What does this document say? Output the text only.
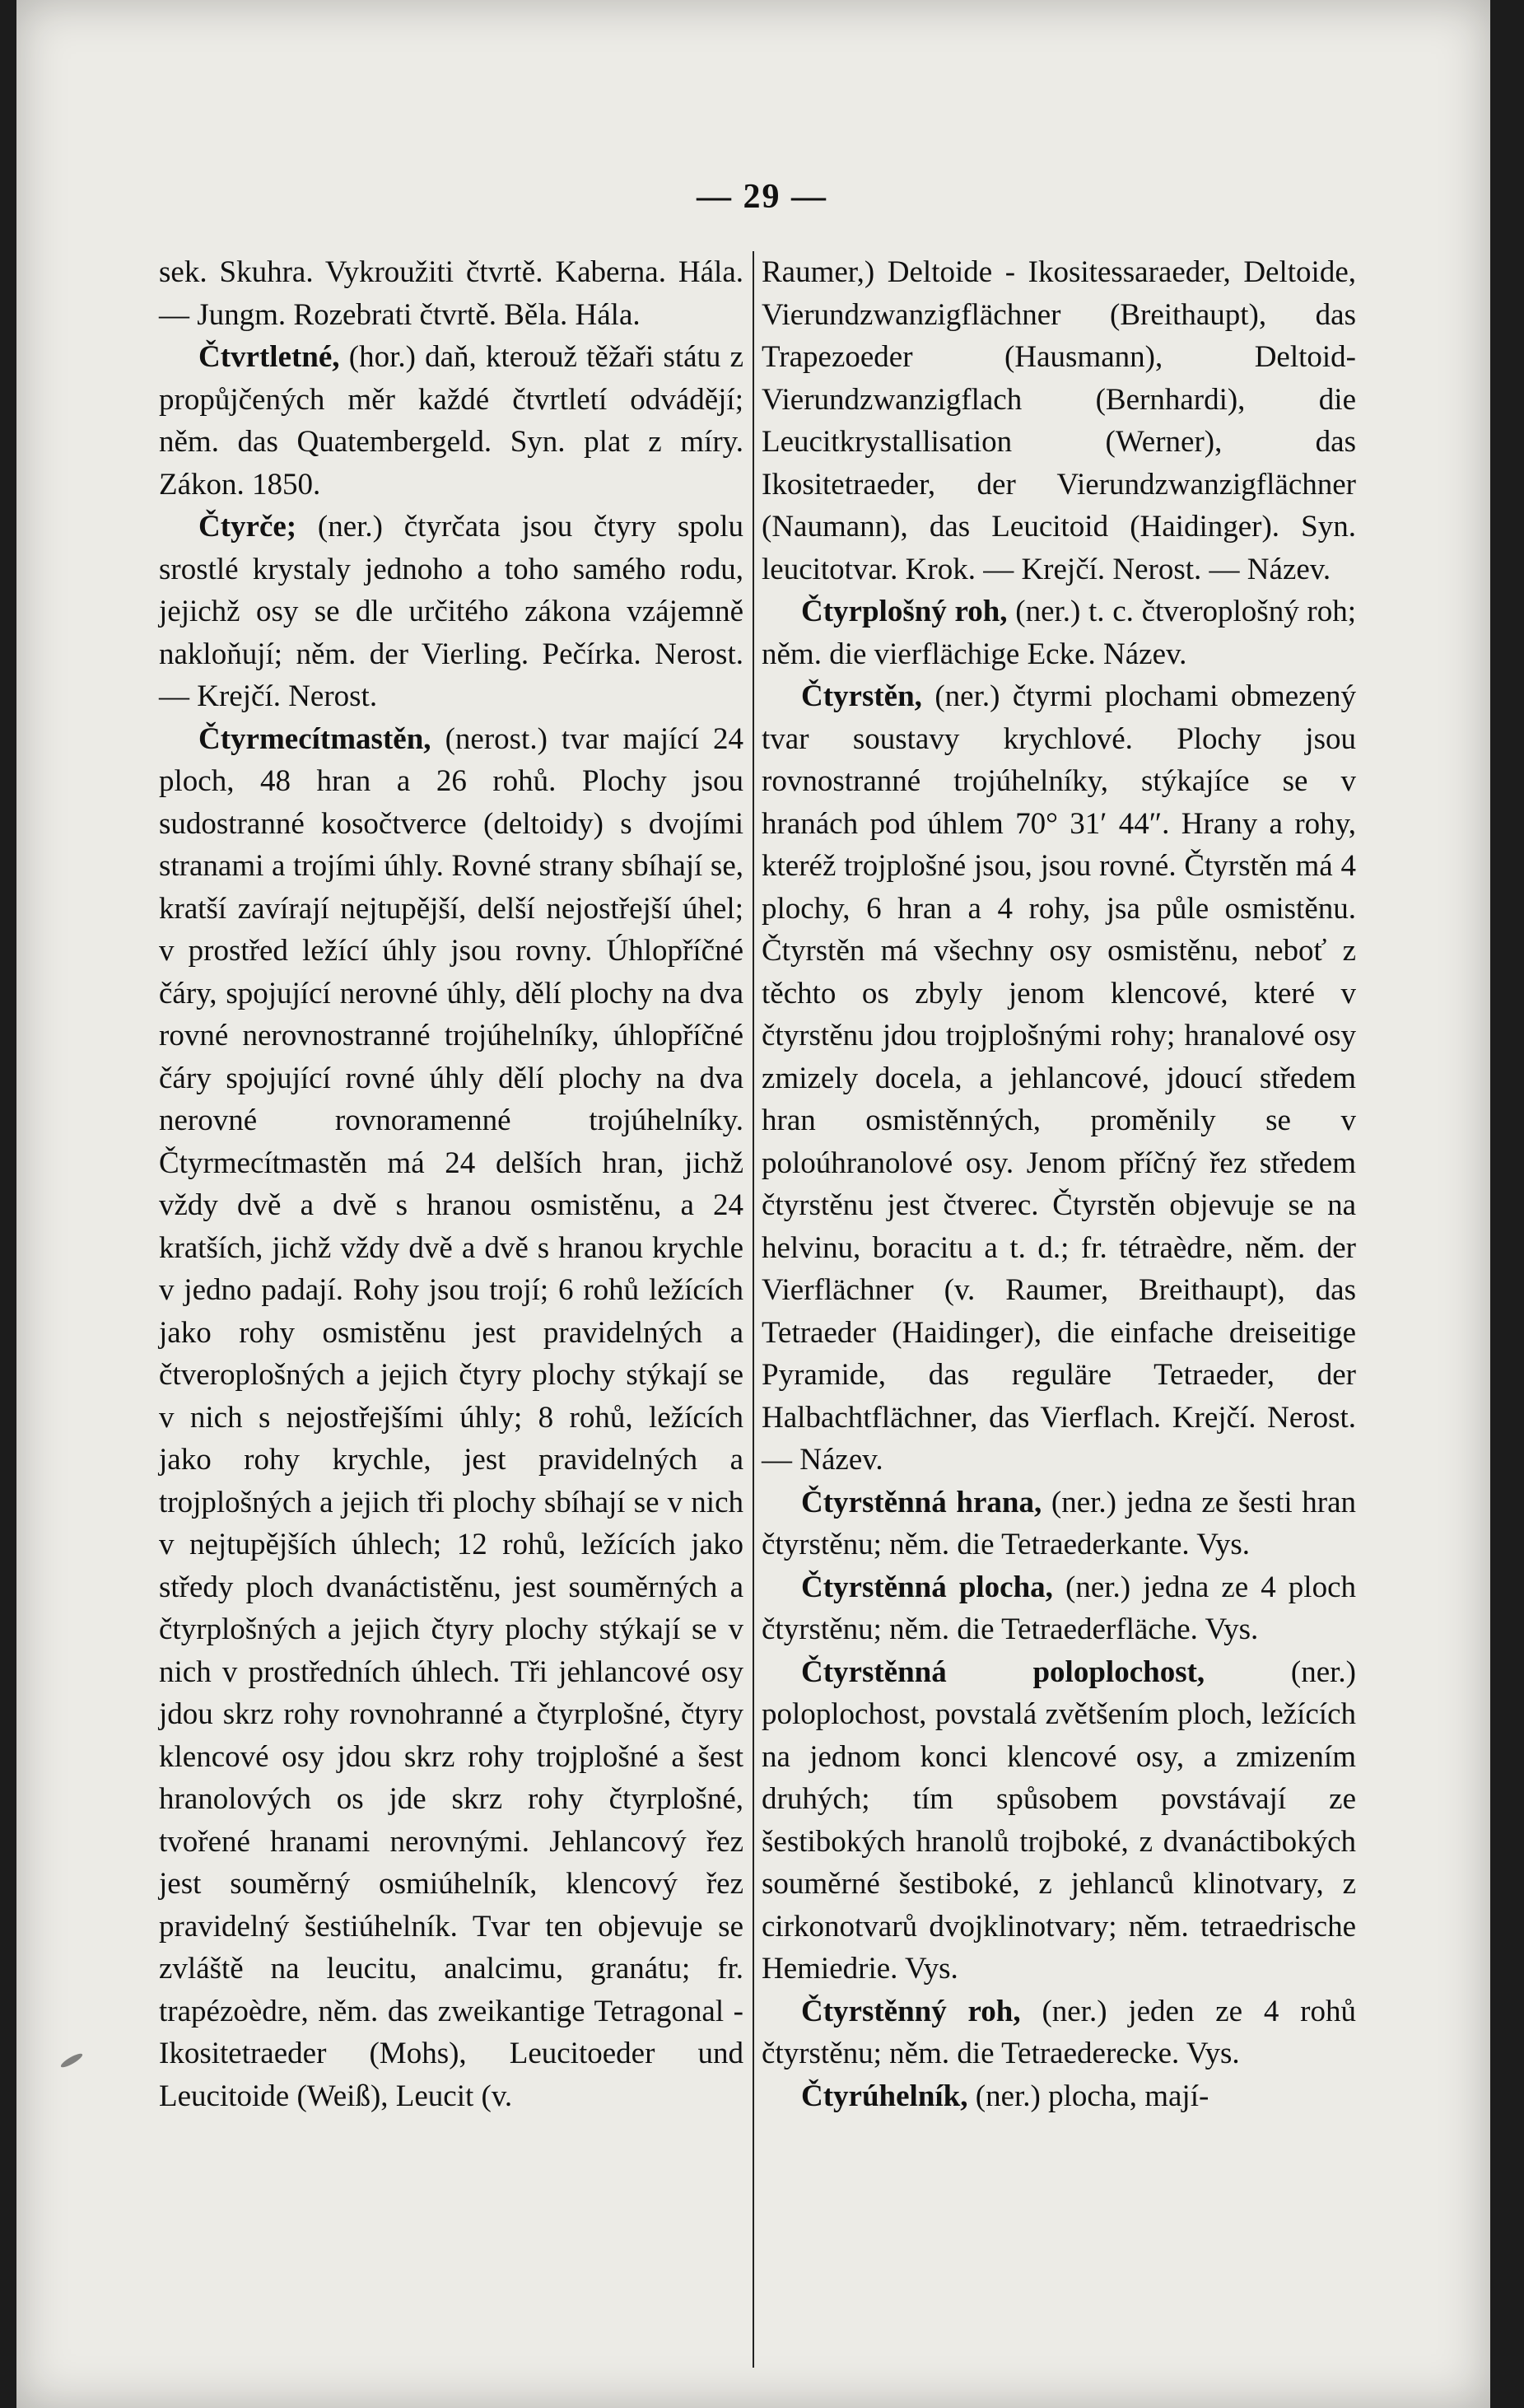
— 29 —

sek. Skuhra. Vykroužiti čtvrtě. Kaberna. Hála. — Jungm. Rozebrati čtvrtě. Běla. Hála.

Čtvrtletné, (hor.) daň, kterouž těžaři státu z propůjčených měr každé čtvrtletí odvádějí; něm. das Quatembergeld. Syn. plat z míry. Zákon. 1850.

Čtyrče; (ner.) čtyrčata jsou čtyry spolu srostlé krystaly jednoho a toho samého rodu, jejichž osy se dle určitého zákona vzájemně nakloňují; něm. der Vierling. Pečírka. Nerost. — Krejčí. Nerost.

Čtyrmecítmastěn, (nerost.) tvar mající 24 ploch, 48 hran a 26 rohů. Plochy jsou sudostranné kosočtverce (deltoidy) s dvojími stranami a trojími úhly. Rovné strany sbíhají se, kratší zavírají nejtupější, delší nejostřejší úhel; v prostřed ležící úhly jsou rovny. Úhlopříčné čáry, spojující nerovné úhly, dělí plochy na dva rovné nerovnostranné trojúhelníky, úhlopříčné čáry spojující rovné úhly dělí plochy na dva nerovné rovnoramenné trojúhelníky. Čtyrmecítmastěn má 24 delších hran, jichž vždy dvě a dvě s hranou osmistěnu, a 24 kratších, jichž vždy dvě a dvě s hranou krychle v jedno padají. Rohy jsou trojí; 6 rohů ležících jako rohy osmistěnu jest pravidelných a čtveroplošných a jejich čtyry plochy stýkají se v nich s nejostřejšími úhly; 8 rohů, ležících jako rohy krychle, jest pravidelných a trojplošných a jejich tři plochy sbíhají se v nich v nejtupějších úhlech; 12 rohů, ležících jako středy ploch dvanáctistěnu, jest souměrných a čtyrplošných a jejich čtyry plochy stýkají se v nich v prostředních úhlech. Tři jehlancové osy jdou skrz rohy rovnohranné a čtyrplošné, čtyry klencové osy jdou skrz rohy trojplošné a šest hranolových os jde skrz rohy čtyrplošné, tvořené hranami nerovnými. Jehlancový řez jest souměrný osmiúhelník, klencový řez pravidelný šestiúhelník. Tvar ten objevuje se zvláště na leucitu, analcimu, granátu; fr. trapézoèdre, něm. das zweikantige Tetragonal - Ikositetraeder (Mohs), Leucitoeder und Leucitoide (Weiß), Leucit (v.

Raumer,) Deltoide - Ikositessaraeder, Deltoide, Vierundzwanzigflächner (Breithaupt), das Trapezoeder (Hausmann), Deltoid-Vierundzwanzigflach (Bernhardi), die Leucitkrystallisation (Werner), das Ikositetraeder, der Vierundzwanzigflächner (Naumann), das Leucitoid (Haidinger). Syn. leucitotvar. Krok. — Krejčí. Nerost. — Název.

Čtyrplošný roh, (ner.) t. c. čtveroplošný roh; něm. die vierflächige Ecke. Název.

Čtyrstěn, (ner.) čtyrmi plochami obmezený tvar soustavy krychlové. Plochy jsou rovnostranné trojúhelníky, stýkajíce se v hranách pod úhlem 70° 31′ 44″. Hrany a rohy, kteréž trojplošné jsou, jsou rovné. Čtyrstěn má 4 plochy, 6 hran a 4 rohy, jsa půle osmistěnu. Čtyrstěn má všechny osy osmistěnu, neboť z těchto os zbyly jenom klencové, které v čtyrstěnu jdou trojplošnými rohy; hranalové osy zmizely docela, a jehlancové, jdoucí středem hran osmistěnných, proměnily se v poloúhranolové osy. Jenom příčný řez středem čtyrstěnu jest čtverec. Čtyrstěn objevuje se na helvinu, boracitu a t. d.; fr. tétraèdre, něm. der Vierflächner (v. Raumer, Breithaupt), das Tetraeder (Haidinger), die einfache dreiseitige Pyramide, das reguläre Tetraeder, der Halbachtflächner, das Vierflach. Krejčí. Nerost. — Název.

Čtyrstěnná hrana, (ner.) jedna ze šesti hran čtyrstěnu; něm. die Tetraederkante. Vys.

Čtyrstěnná plocha, (ner.) jedna ze 4 ploch čtyrstěnu; něm. die Tetraederfläche. Vys.

Čtyrstěnná poloplochost,	(ner.) poloplochost, povstalá zvětšením ploch, ležících na jednom konci klencové osy, a zmizením druhých; tím spůsobem povstávají ze šestibokých hranolů trojboké, z dvanáctibokých souměrné šestiboké, z jehlanců klinotvary, z cirkonotvarů dvojklinotvary; něm. tetraedrische Hemiedrie. Vys.

Čtyrstěnný roh, (ner.) jeden ze 4 rohů čtyrstěnu; něm. die Tetraederecke. Vys.

Čtyrúhelník, (ner.) plocha, mají-
